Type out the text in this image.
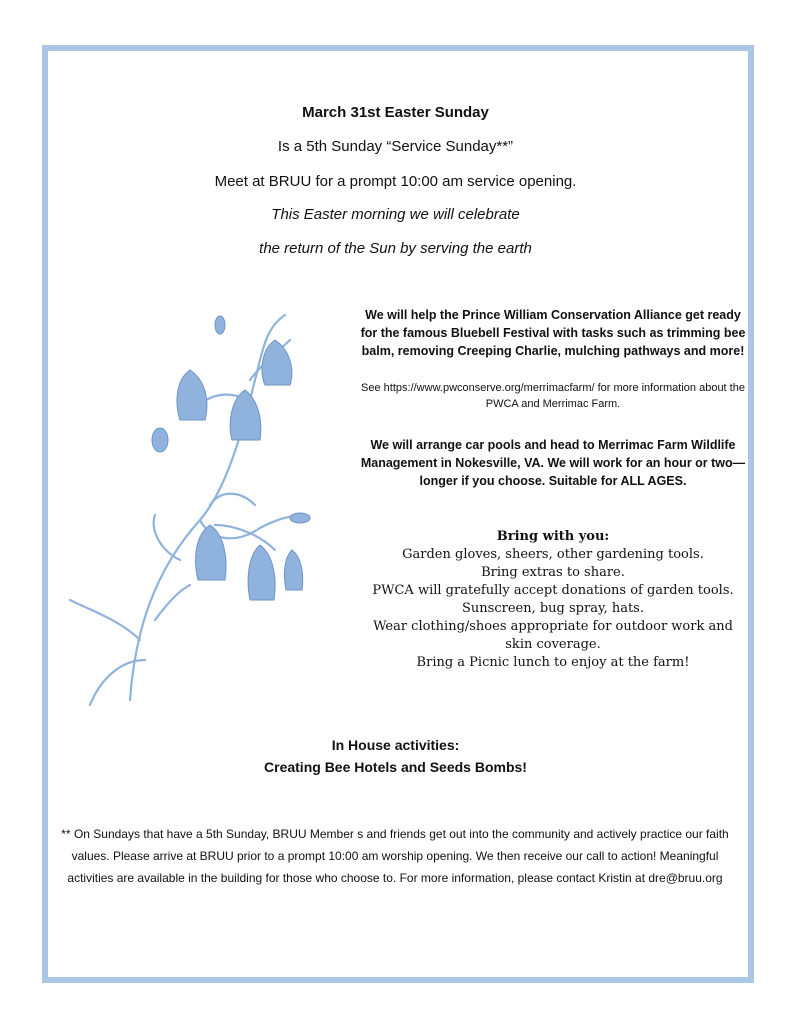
March 31st Easter Sunday
Is a 5th Sunday “Service Sunday**”
Meet at BRUU for a prompt 10:00 am service opening.
This Easter morning we will celebrate
the return of the Sun by serving the earth
We will help the Prince William Conservation Alliance get ready for the famous Bluebell Festival with tasks such as trimming bee balm, removing Creeping Charlie, mulching pathways and more!
See https://www.pwconserve.org/merrimacfarm/ for more information about the PWCA and Merrimac Farm.
We will arrange car pools and head to Merrimac Farm Wildlife Management in Nokesville, VA. We will work for an hour or two—longer if you choose. Suitable for ALL AGES.
Bring with you:
Garden gloves, sheers, other gardening tools.
Bring extras to share.
PWCA will gratefully accept donations of garden tools.
Sunscreen, bug spray, hats.
Wear clothing/shoes appropriate for outdoor work and skin coverage.
Bring a Picnic lunch to enjoy at the farm!
In House activities:
Creating Bee Hotels and Seeds Bombs!
** On Sundays that have a 5th Sunday, BRUU Member s and friends get out into the community and actively practice our faith values. Please arrive at BRUU prior to a prompt 10:00 am worship opening. We then receive our call to action! Meaningful activities are available in the building for those who choose to. For more information, please contact Kristin at dre@bruu.org
